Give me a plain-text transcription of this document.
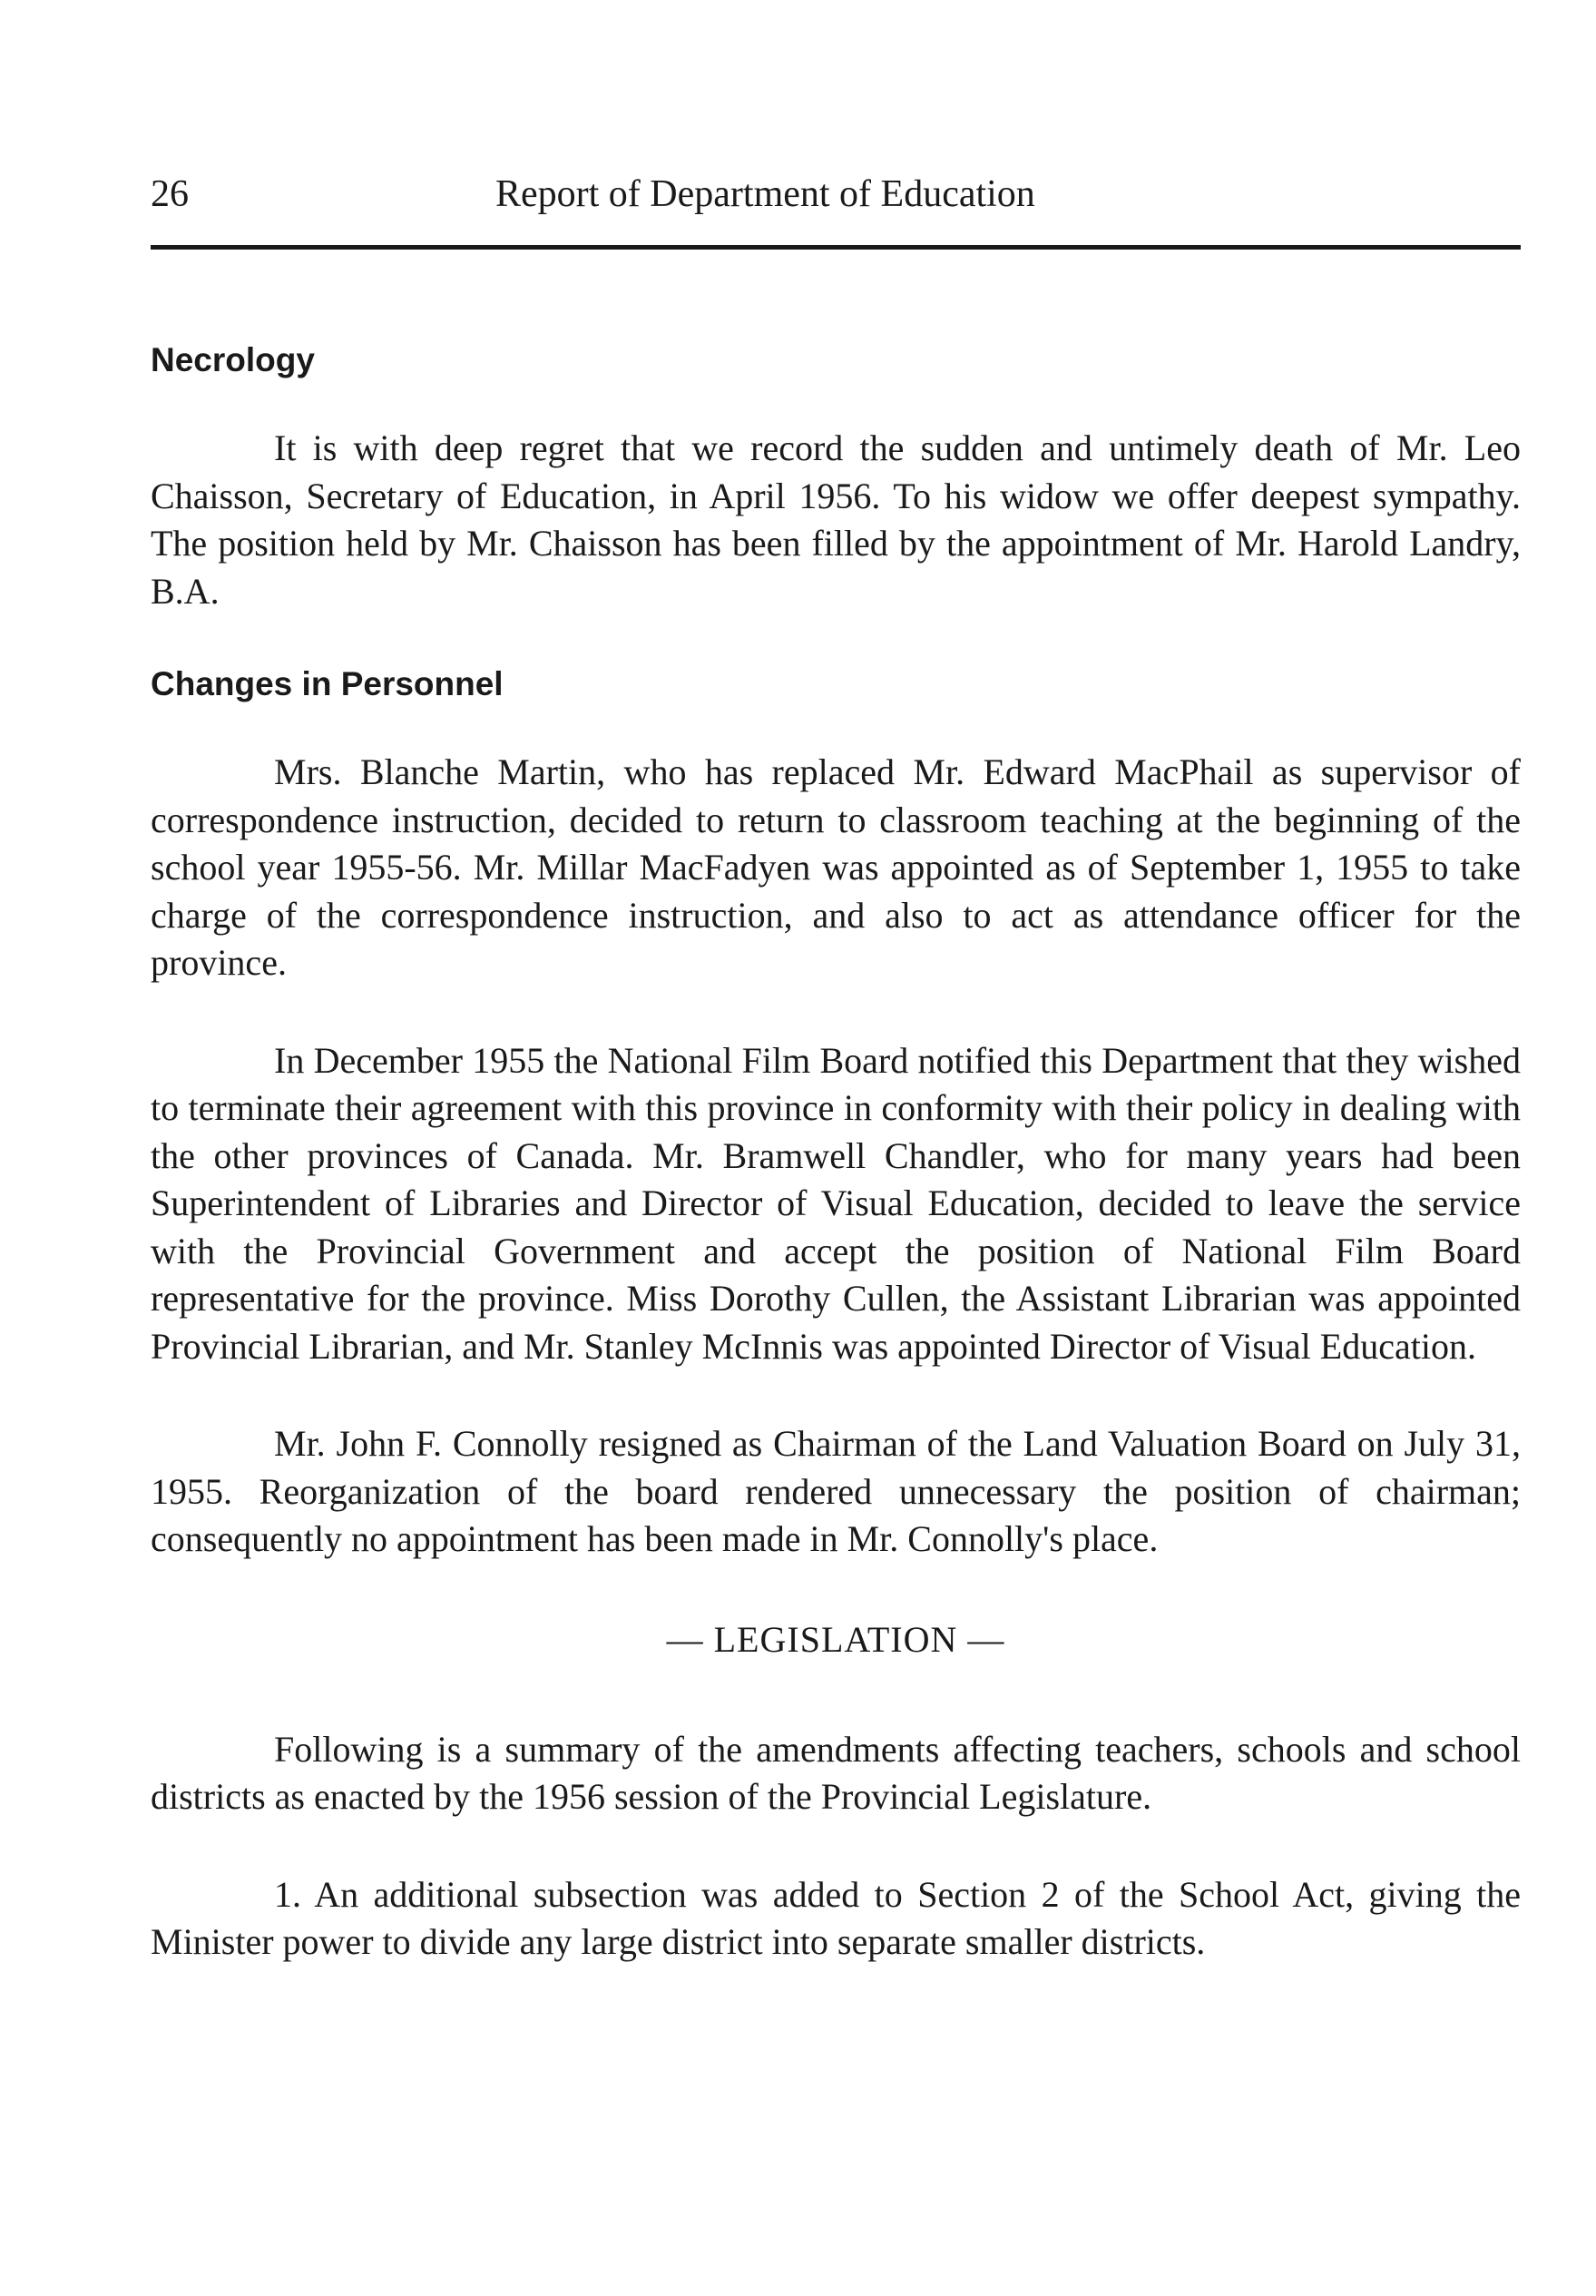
26	Report of Department of Education
Necrology

It is with deep regret that we record the sudden and untimely death of Mr. Leo Chaisson, Secretary of Education, in April 1956. To his widow we offer deepest sympathy. The position held by Mr. Chaisson has been filled by the appointment of Mr. Harold Landry, B.A.

Changes in Personnel

Mrs. Blanche Martin, who has replaced Mr. Edward MacPhail as supervisor of correspondence instruction, decided to return to classroom teaching at the beginning of the school year 1955-56. Mr. Millar MacFadyen was appointed as of September 1, 1955 to take charge of the correspondence instruction, and also to act as attendance officer for the province.

In December 1955 the National Film Board notified this Department that they wished to terminate their agreement with this province in conformity with their policy in dealing with the other provinces of Canada. Mr. Bramwell Chandler, who for many years had been Superintendent of Libraries and Director of Visual Education, decided to leave the service with the Provincial Government and accept the position of National Film Board representative for the province. Miss Dorothy Cullen, the Assistant Librarian was appointed Provincial Librarian, and Mr. Stanley McInnis was appointed Director of Visual Education.

Mr. John F. Connolly resigned as Chairman of the Land Valuation Board on July 31, 1955. Reorganization of the board rendered unnecessary the position of chairman; consequently no appointment has been made in Mr. Connolly's place.

— LEGISLATION —

Following is a summary of the amendments affecting teachers, schools and school districts as enacted by the 1956 session of the Provincial Legislature.

1. An additional subsection was added to Section 2 of the School Act, giving the Minister power to divide any large district into separate smaller districts.
